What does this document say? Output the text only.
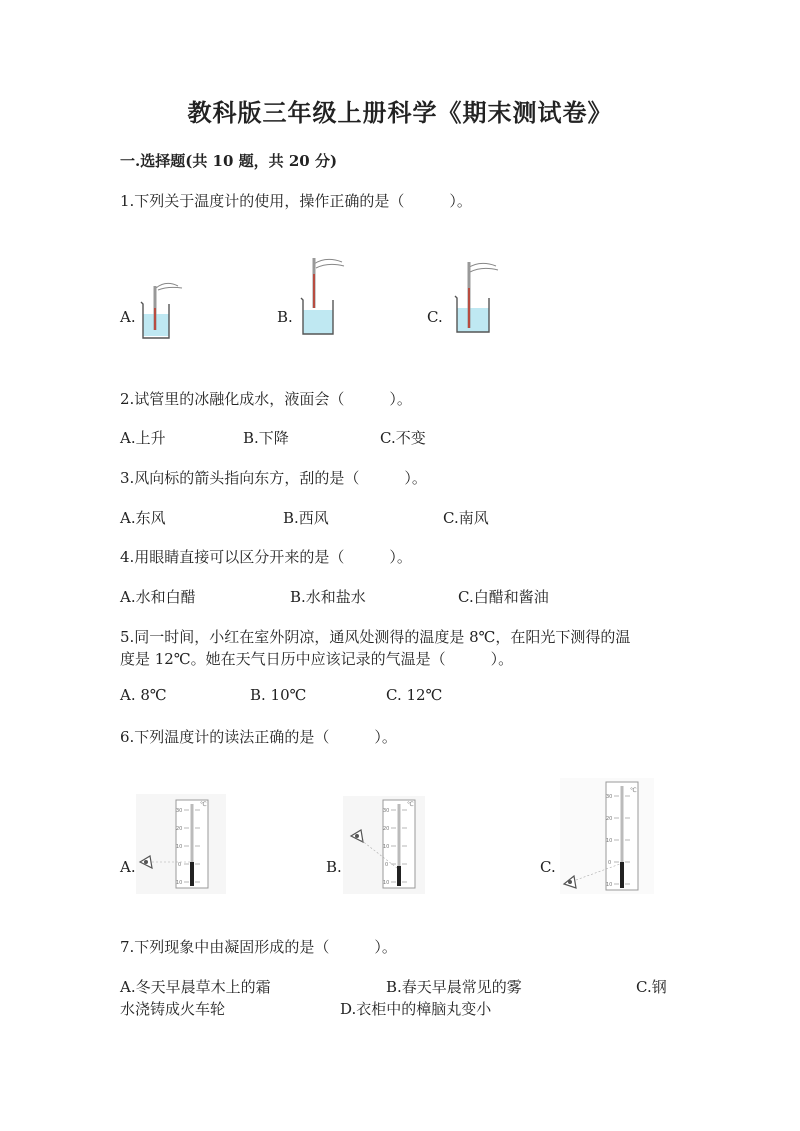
教科版三年级上册科学《期末测试卷》
一.选择题(共 10 题，共 20 分)
1.下列关于温度计的使用，操作正确的是（　　　）。
A.	B.	C.
2.试管里的冰融化成水，液面会（　　　）。
A.上升	B.下降	C.不变
3.风向标的箭头指向东方，刮的是（　　　）。
A.东风	B.西风	C.南风
4.用眼睛直接可以区分开来的是（　　　）。
A.水和白醋	B.水和盐水	C.白醋和酱油
5.同一时间，小红在室外阴凉，通风处测得的温度是 8℃，在阳光下测得的温
度是 12℃。她在天气日历中应该记录的气温是（　　　）。
A. 8℃	B. 10℃	C. 12℃
6.下列温度计的读法正确的是（　　　）。
A.	B.	C.
℃
30
20
10
0
10
℃
30
20
10
0
10
℃
30
20
10
0
10
7.下列现象中由凝固形成的是（　　　）。
A.冬天早晨草木上的霜	B.春天早晨常见的雾	C.钢
水浇铸成火车轮	D.衣柜中的樟脑丸变小
